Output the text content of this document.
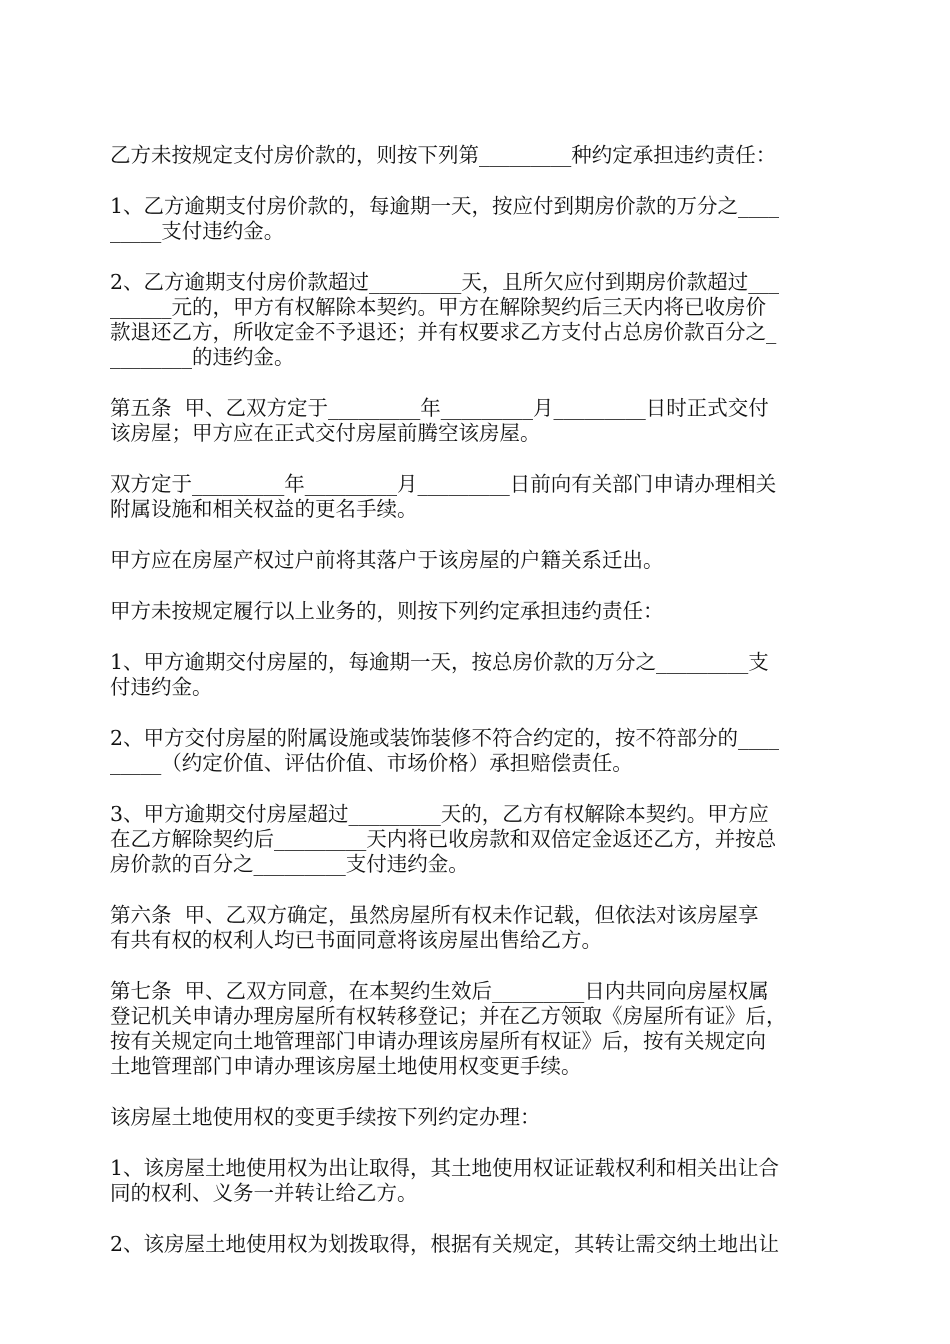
乙方未按规定支付房价款的，则按下列第_________种约定承担违约责任：
1、乙方逾期支付房价款的，每逾期一天，按应付到期房价款的万分之____
_____支付违约金。
2、乙方逾期支付房价款超过_________天，且所欠应付到期房价款超过___
______元的，甲方有权解除本契约。甲方在解除契约后三天内将已收房价
款退还乙方，所收定金不予退还；并有权要求乙方支付占总房价款百分之_
________的违约金。
第五条  甲、乙双方定于_________年_________月_________日时正式交付
该房屋；甲方应在正式交付房屋前腾空该房屋。
双方定于_________年_________月_________日前向有关部门申请办理相关
附属设施和相关权益的更名手续。
甲方应在房屋产权过户前将其落户于该房屋的户籍关系迁出。
甲方未按规定履行以上业务的，则按下列约定承担违约责任：
1、甲方逾期交付房屋的，每逾期一天，按总房价款的万分之_________支
付违约金。
2、甲方交付房屋的附属设施或装饰装修不符合约定的，按不符部分的____
_____（约定价值、评估价值、市场价格）承担赔偿责任。
3、甲方逾期交付房屋超过_________天的，乙方有权解除本契约。甲方应
在乙方解除契约后_________天内将已收房款和双倍定金返还乙方，并按总
房价款的百分之_________支付违约金。
第六条  甲、乙双方确定，虽然房屋所有权未作记载，但依法对该房屋享
有共有权的权利人均已书面同意将该房屋出售给乙方。
第七条  甲、乙双方同意，在本契约生效后_________日内共同向房屋权属
登记机关申请办理房屋所有权转移登记；并在乙方领取《房屋所有证》后，
按有关规定向土地管理部门申请办理该房屋所有权证》后，按有关规定向
土地管理部门申请办理该房屋土地使用权变更手续。
该房屋土地使用权的变更手续按下列约定办理：
1、该房屋土地使用权为出让取得，其土地使用权证证载权利和相关出让合
同的权利、义务一并转让给乙方。
2、该房屋土地使用权为划拨取得，根据有关规定，其转让需交纳土地出让
